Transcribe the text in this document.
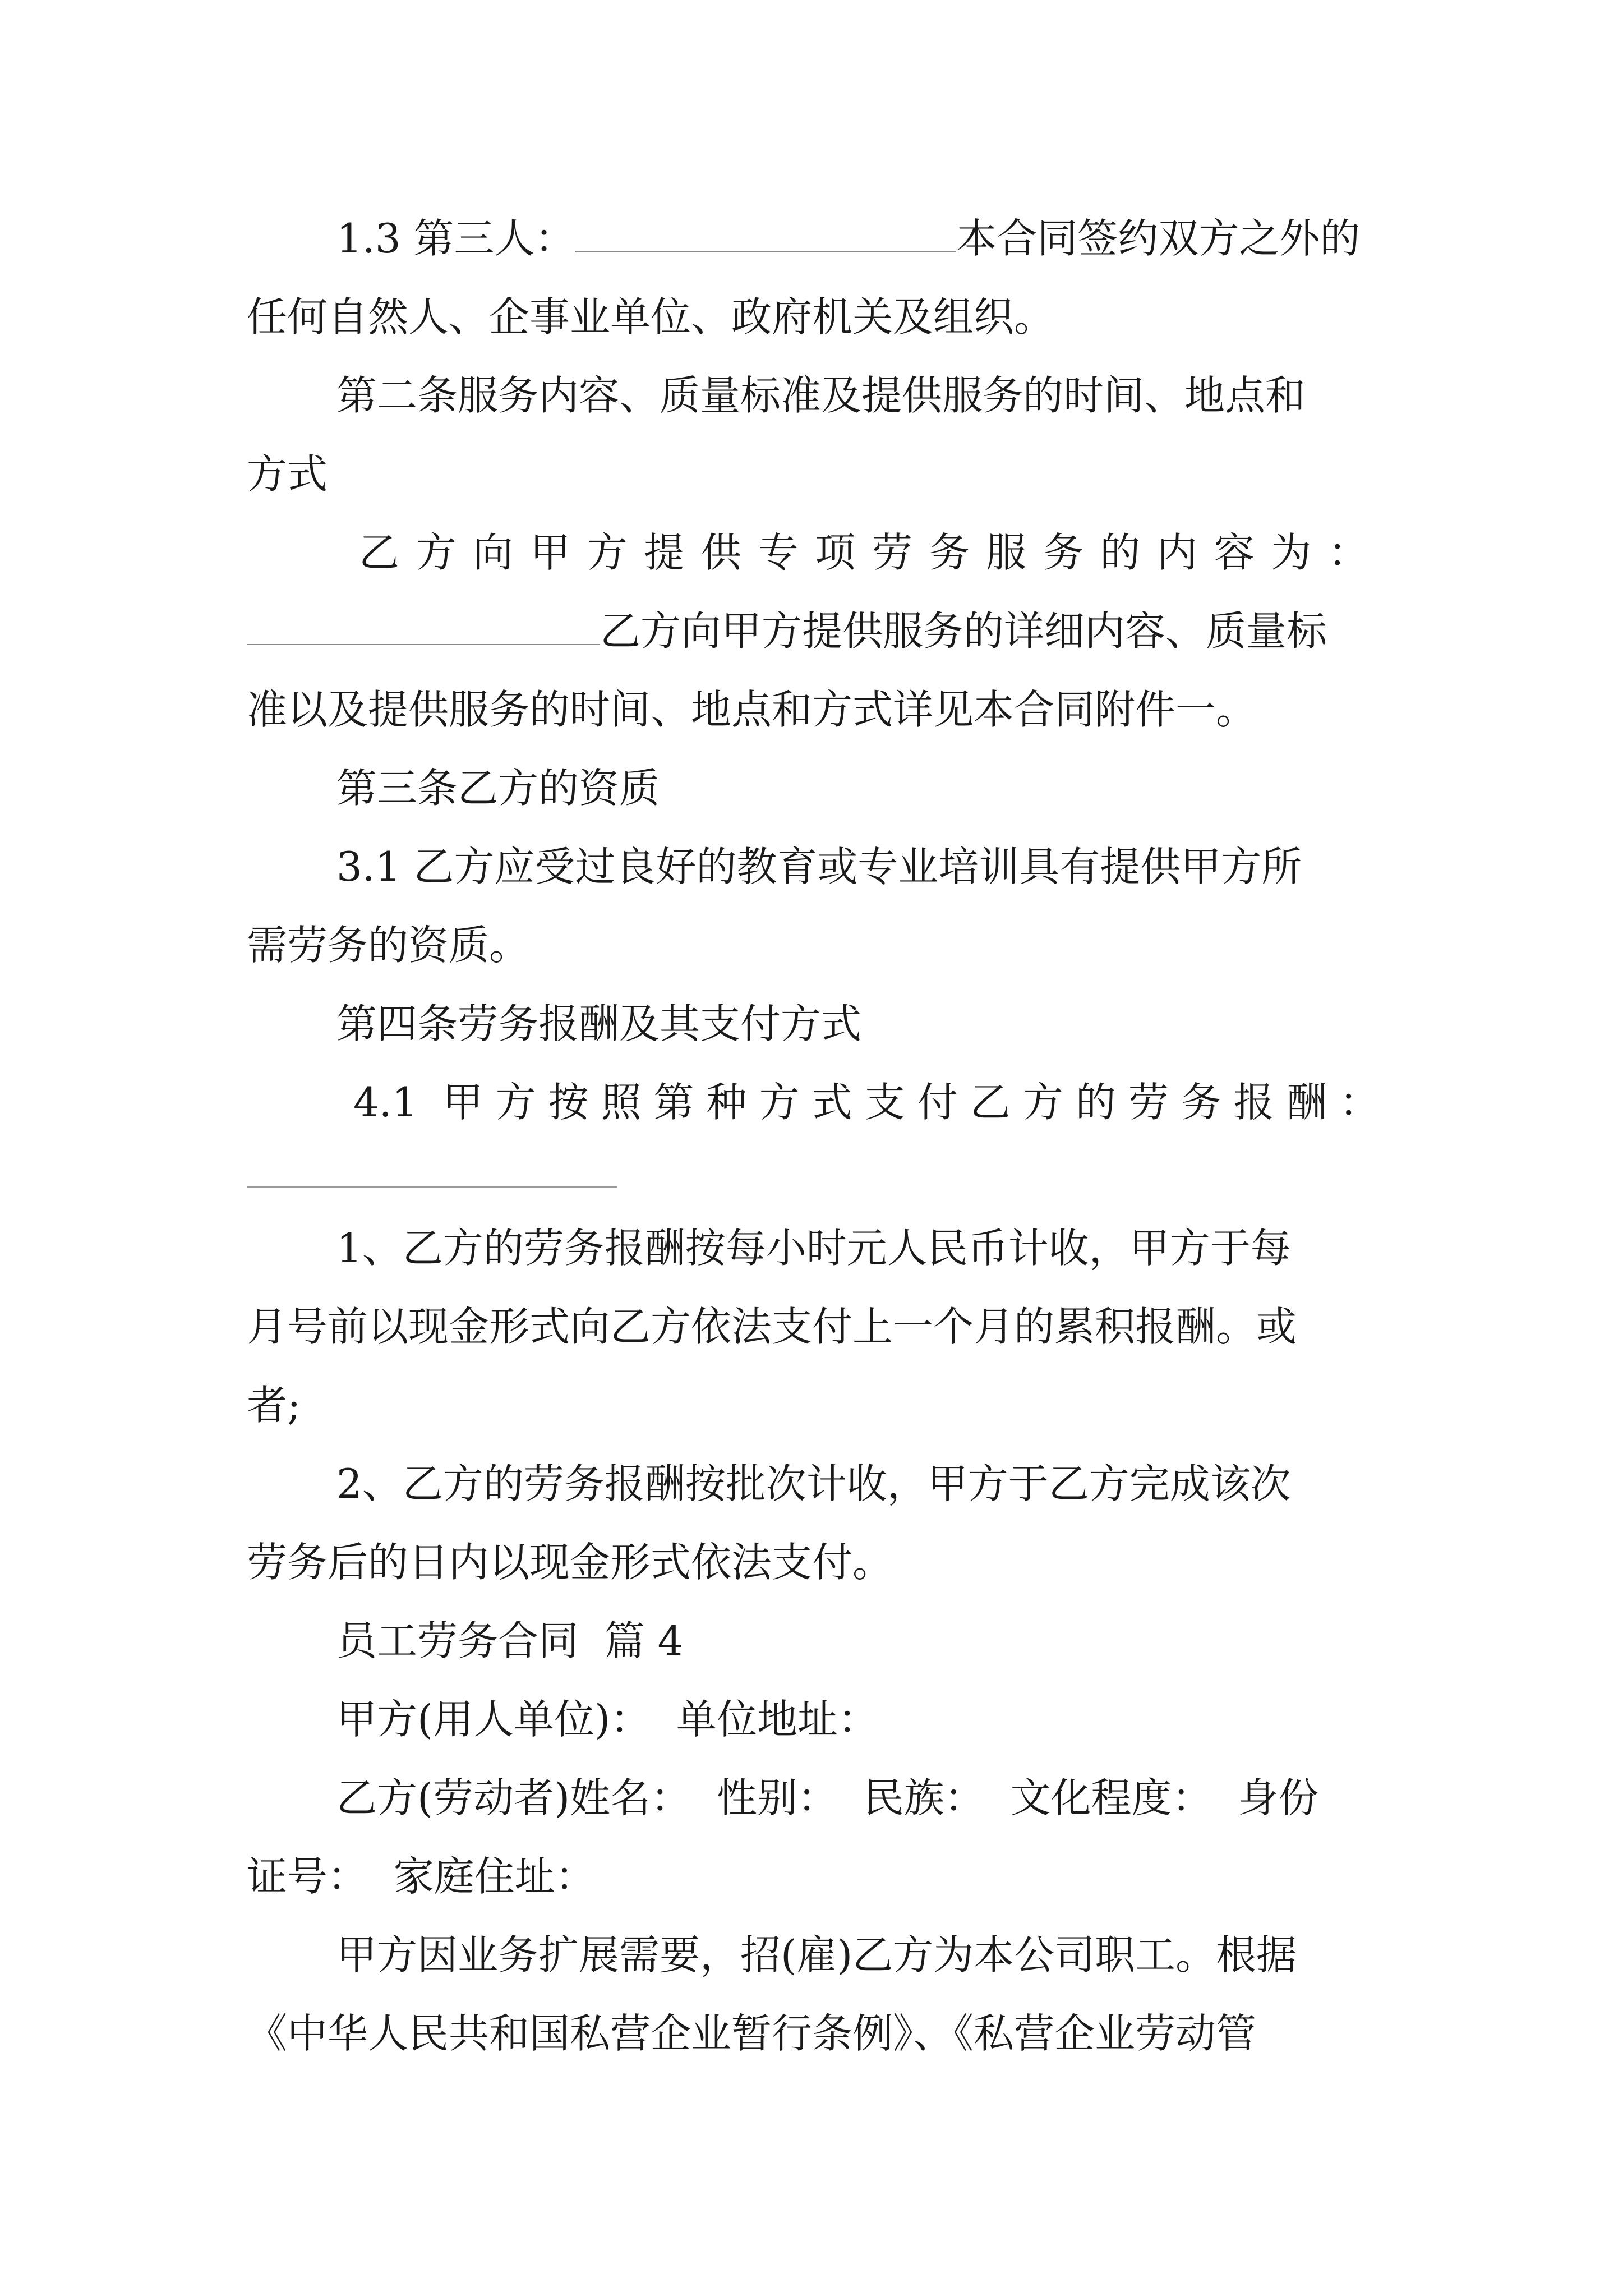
1.3 第三人：	本合同签约双方之外的

任何自然人、企事业单位、政府机关及组织。

第二条服务内容、质量标准及提供服务的时间、地点和

方式

乙方向甲方提供专项劳务服务的内容为：

乙方向甲方提供服务的详细内容、质量标

准以及提供服务的时间、地点和方式详见本合同附件一。

第三条乙方的资质

3.1 乙方应受过良好的教育或专业培训具有提供甲方所

需劳务的资质。

第四条劳务报酬及其支付方式

4.1 甲方按照第种方式支付乙方的劳务报酬：

1、乙方的劳务报酬按每小时元人民币计收，甲方于每

月号前以现金形式向乙方依法支付上一个月的累积报酬。或

者;

2、乙方的劳务报酬按批次计收，甲方于乙方完成该次

劳务后的日内以现金形式依法支付。

员工劳务合同  篇 4

甲方(用人单位)：  单位地址：

乙方(劳动者)姓名：  性别：  民族：  文化程度：  身份

证号：  家庭住址：

甲方因业务扩展需要，招(雇)乙方为本公司职工。根据

《中华人民共和国私营企业暂行条例》、《私营企业劳动管
